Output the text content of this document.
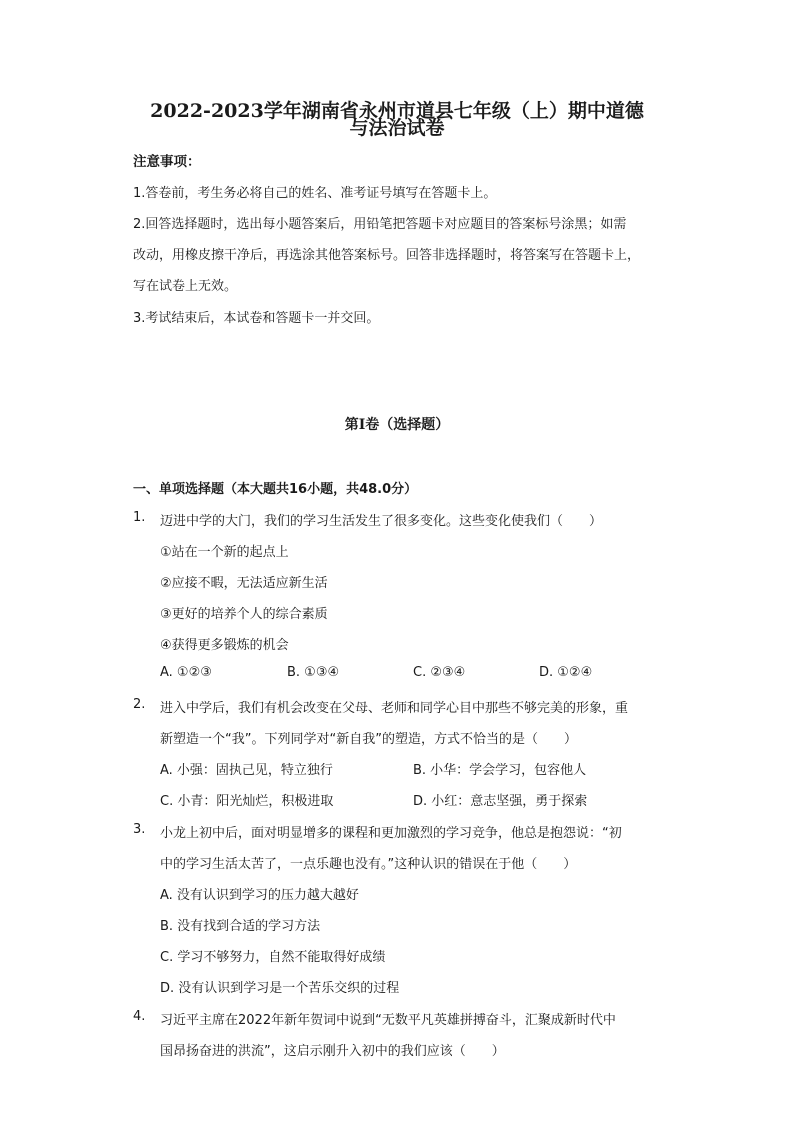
2022-2023学年湖南省永州市道县七年级（上）期中道德
与法治试卷
注意事项：
1.答卷前，考生务必将自己的姓名、准考证号填写在答题卡上。
2.回答选择题时，选出每小题答案后，用铅笔把答题卡对应题目的答案标号涂黑；如需
改动，用橡皮擦干净后，再选涂其他答案标号。回答非选择题时，将答案写在答题卡上，
写在试卷上无效。
3.考试结束后，本试卷和答题卡一并交回。
第I卷（选择题）
一、单项选择题（本大题共16小题，共48.0分）
1. 迈进中学的大门，我们的学习生活发生了很多变化。这些变化使我们（　　）
①站在一个新的起点上
②应接不暇，无法适应新生活
③更好的培养个人的综合素质
④获得更多锻炼的机会
A. ①②③	B. ①③④	C. ②③④	D. ①②④
2. 进入中学后，我们有机会改变在父母、老师和同学心目中那些不够完美的形象，重
新塑造一个“我”。下列同学对“新自我”的塑造，方式不恰当的是（　　）
A. 小强：固执己见，特立独行	B. 小华：学会学习，包容他人
C. 小青：阳光灿烂，积极进取	D. 小红：意志坚强，勇于探索
3. 小龙上初中后，面对明显增多的课程和更加激烈的学习竞争，他总是抱怨说：“初
中的学习生活太苦了，一点乐趣也没有。”这种认识的错误在于他（　　）
A. 没有认识到学习的压力越大越好
B. 没有找到合适的学习方法
C. 学习不够努力，自然不能取得好成绩
D. 没有认识到学习是一个苦乐交织的过程
4. 习近平主席在2022年新年贺词中说到“无数平凡英雄拼搏奋斗，汇聚成新时代中
国昂扬奋进的洪流”，这启示刚升入初中的我们应该（　　）
